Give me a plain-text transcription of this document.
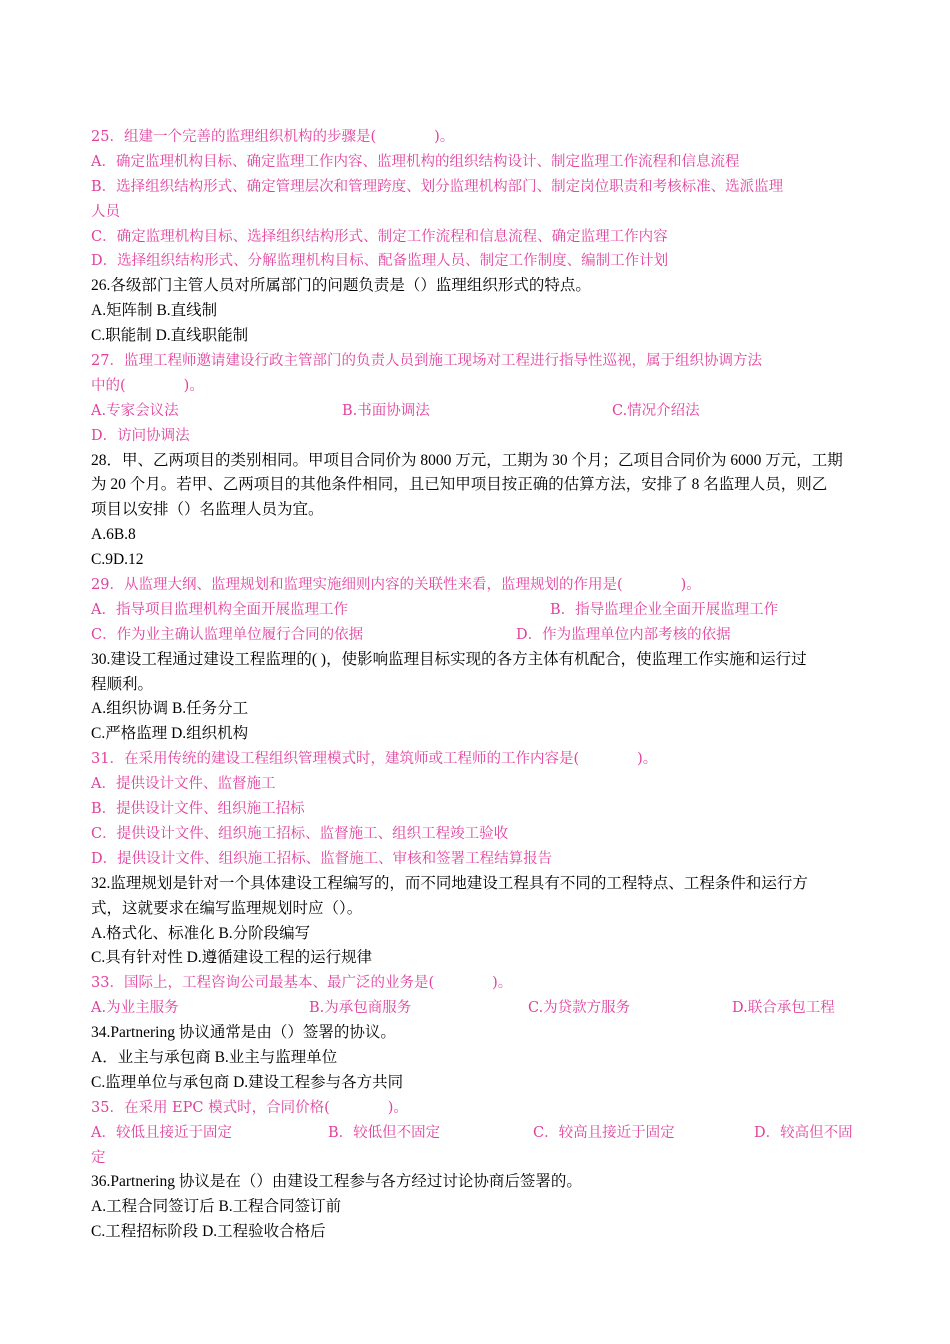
25．组建一个完善的监理组织机构的步骤是(　　　　)。
A．确定监理机构目标、确定监理工作内容、监理机构的组织结构设计、制定监理工作流程和信息流程
B．选择组织结构形式、确定管理层次和管理跨度、划分监理机构部门、制定岗位职责和考核标准、选派监理
人员
C．确定监理机构目标、选择组织结构形式、制定工作流程和信息流程、确定监理工作内容
D．选择组织结构形式、分解监理机构目标、配备监理人员、制定工作制度、编制工作计划
26.各级部门主管人员对所属部门的问题负责是（）监理组织形式的特点。
A.矩阵制 B.直线制
C.职能制 D.直线职能制
27．监理工程师邀请建设行政主管部门的负责人员到施工现场对工程进行指导性巡视，属于组织协调方法
中的(　　　　)。
A.专家会议法	B.书面协调法	C.情况介绍法
D．访问协调法
28．甲、乙两项目的类别相同。甲项目合同价为 8000 万元，工期为 30 个月；乙项目合同价为 6000 万元，工期
为 20 个月。若甲、乙两项目的其他条件相同，且已知甲项目按正确的估算方法，安排了 8 名监理人员，则乙
项目以安排（）名监理人员为宜。
A.6B.8
C.9D.12
29．从监理大纲、监理规划和监理实施细则内容的关联性来看，监理规划的作用是(　　　　)。
A．指导项目监理机构全面开展监理工作	B．指导监理企业全面开展监理工作
C．作为业主确认监理单位履行合同的依据	D．作为监理单位内部考核的依据
30.建设工程通过建设工程监理的( )，使影响监理目标实现的各方主体有机配合，使监理工作实施和运行过
程顺利。
A.组织协调 B.任务分工
C.严格监理 D.组织机构
31．在采用传统的建设工程组织管理模式时，建筑师或工程师的工作内容是(　　　　)。
A．提供设计文件、监督施工
B．提供设计文件、组织施工招标
C．提供设计文件、组织施工招标、监督施工、组织工程竣工验收
D．提供设计文件、组织施工招标、监督施工、审核和签署工程结算报告
32.监理规划是针对一个具体建设工程编写的，而不同地建设工程具有不同的工程特点、工程条件和运行方
式，这就要求在编写监理规划时应（）。
A.格式化、标准化 B.分阶段编写
C.具有针对性 D.遵循建设工程的运行规律
33．国际上，工程咨询公司最基本、最广泛的业务是(　　　　)。
A.为业主服务	B.为承包商服务	C.为贷款方服务	D.联合承包工程
34.Partnering 协议通常是由（）签署的协议。
A．业主与承包商 B.业主与监理单位
C.监理单位与承包商 D.建设工程参与各方共同
35．在采用 EPC 模式时，合同价格(　　　　)。
A．较低且接近于固定	B．较低但不固定	C．较高且接近于固定	D．较高但不固
定
36.Partnering 协议是在（）由建设工程参与各方经过讨论协商后签署的。
A.工程合同签订后 B.工程合同签订前
C.工程招标阶段 D.工程验收合格后
